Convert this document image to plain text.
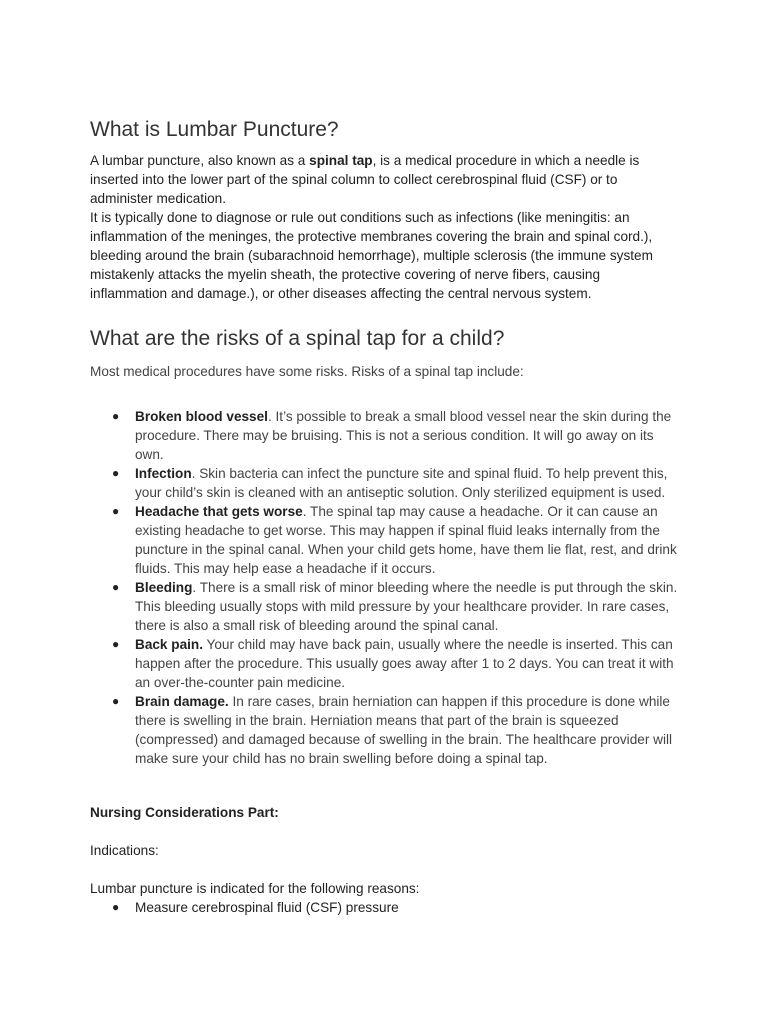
What is Lumbar Puncture?

A lumbar puncture, also known as a spinal tap, is a medical procedure in which a needle is inserted into the lower part of the spinal column to collect cerebrospinal fluid (CSF) or to administer medication.

It is typically done to diagnose or rule out conditions such as infections (like meningitis: an inflammation of the meninges, the protective membranes covering the brain and spinal cord.), bleeding around the brain (subarachnoid hemorrhage), multiple sclerosis (the immune system mistakenly attacks the myelin sheath, the protective covering of nerve fibers, causing inflammation and damage.), or other diseases affecting the central nervous system.

What are the risks of a spinal tap for a child?

Most medical procedures have some risks. Risks of a spinal tap include:

● Broken blood vessel. It’s possible to break a small blood vessel near the skin during the procedure. There may be bruising. This is not a serious condition. It will go away on its own.
● Infection. Skin bacteria can infect the puncture site and spinal fluid. To help prevent this, your child’s skin is cleaned with an antiseptic solution. Only sterilized equipment is used.
● Headache that gets worse. The spinal tap may cause a headache. Or it can cause an existing headache to get worse. This may happen if spinal fluid leaks internally from the puncture in the spinal canal. When your child gets home, have them lie flat, rest, and drink fluids. This may help ease a headache if it occurs.
● Bleeding. There is a small risk of minor bleeding where the needle is put through the skin. This bleeding usually stops with mild pressure by your healthcare provider. In rare cases, there is also a small risk of bleeding around the spinal canal.
● Back pain. Your child may have back pain, usually where the needle is inserted. This can happen after the procedure. This usually goes away after 1 to 2 days. You can treat it with an over-the-counter pain medicine.
● Brain damage. In rare cases, brain herniation can happen if this procedure is done while there is swelling in the brain. Herniation means that part of the brain is squeezed (compressed) and damaged because of swelling in the brain. The healthcare provider will make sure your child has no brain swelling before doing a spinal tap.

Nursing Considerations Part:

Indications:

Lumbar puncture is indicated for the following reasons:

● Measure cerebrospinal fluid (CSF) pressure
